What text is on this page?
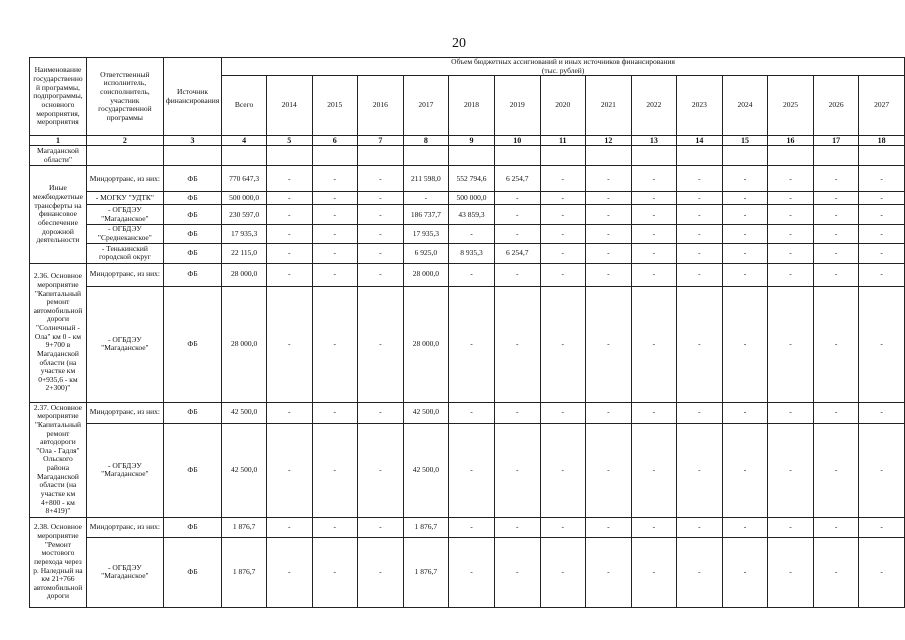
20
Наименование государственно й программы, подпрограммы, основного мероприятия, мероприятия	Ответственный исполнитель, соисполнитель, участник государственной программы	Источник финансирования	Объем бюджетных ассигнований и иных источников финансирования
(тыс. рублей)														
			Всего	2014	2015	2016	2017	2018	2019	2020	2021	2022	2023	2024	2025	2026	2027
1	2	3	4	5	6	7	8	9	10	11	12	13	14	15	16	17	18
Магаданской области"																	
Иные межбюджетные трансферты на финансовое обеспечение дорожной деятельности	Миндортранс, из них:	ФБ	770 647,3	-	-	-	211 598,0	552 794,6	6 254,7	-	-	-	-	-	-	-	-
	- МОГКУ "УДТК"	ФБ	500 000,0	-	-	-	-	500 000,0	-	-	-	-	-	-	-	-	-
	- ОГБДЭУ "Магаданское"	ФБ	230 597,0	-	-	-	186 737,7	43 859,3	-	-	-	-	-	-	-	-	-
	- ОГБДЭУ "Среднеканское"	ФБ	17 935,3	-	-	-	17 935,3	-	-	-	-	-	-	-	-	-	-
	- Тенькинский городской округ	ФБ	22 115,0	-	-	-	6 925,0	8 935,3	6 254,7	-	-	-	-	-	-	-	-
2.36. Основное мероприятие "Капитальный ремонт автомобильной дороги "Солнечный - Ола" км 0 - км 9+700 в Магаданской области (на участке км 0+935,6 - км 2+300)"	Миндортранс, из них:	ФБ	28 000,0	-	-	-	28 000,0	-	-	-	-	-	-	-	-	-	-
	- ОГБДЭУ "Магаданское"	ФБ	28 000,0	-	-	-	28 000,0	-	-	-	-	-	-	-	-	-	-
2.37. Основное мероприятие "Капитальный ремонт автодороги "Ола - Гадля" Ольского района Магаданской области (на участке км 4+800 - км 8+419)"	Миндортранс, из них:	ФБ	42 500,0	-	-	-	42 500,0	-	-	-	-	-	-	-	-	-	-
	- ОГБДЭУ "Магаданское"	ФБ	42 500,0	-	-	-	42 500,0	-	-	-	-	-	-	-	-	-	-
2.38. Основное мероприятие "Ремонт мостового перехода через р. Наледный на км 21+766 автомобильной дороги	Миндортранс, из них:	ФБ	1 876,7	-	-	-	1 876,7	-	-	-	-	-	-	-	-	-	-
	- ОГБДЭУ "Магаданское"	ФБ	1 876,7	-	-	-	1 876,7	-	-	-	-	-	-	-	-	-	-
